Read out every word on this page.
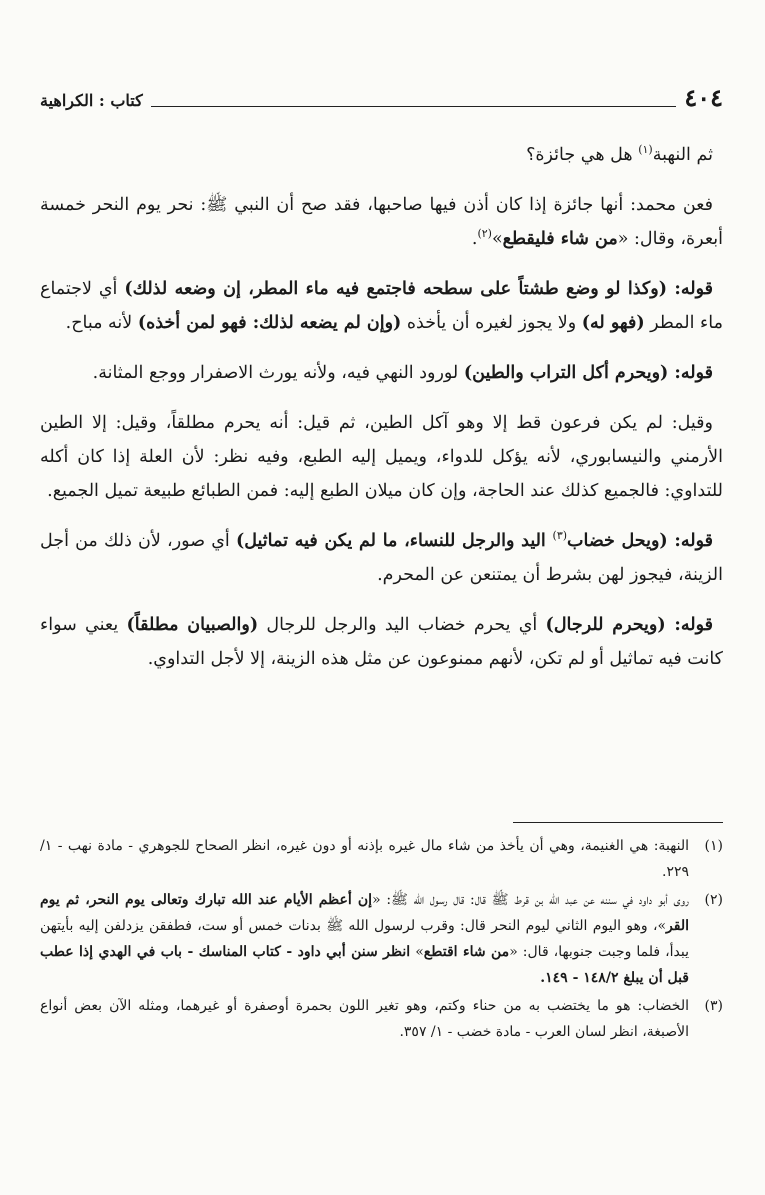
٤٠٤
كتاب : الكراهية

ثم النهبة$^{(١)}$ هل هي جائزة؟

فعن محمد: أنها جائزة إذا كان أذن فيها صاحبها، فقد صح أن النبي ﷺ: نحر يوم النحر خمسة أبعرة، وقال: «من شاء فليقطع»$^{(٢)}$.

قوله: (وكذا لو وضع طشتاً على سطحه فاجتمع فيه ماء المطر، إن وضعه لذلك) أي لاجتماع ماء المطر (فهو له) ولا يجوز لغيره أن يأخذه (وإن لم يضعه لذلك: فهو لمن أخذه) لأنه مباح.

قوله: (ويحرم أكل التراب والطين) لورود النهي فيه، ولأنه يورث الاصفرار ووجع المثانة.

وقيل: لم يكن فرعون قط إلا وهو آكل الطين، ثم قيل: أنه يحرم مطلقاً، وقيل: إلا الطين الأرمني والنيسابوري، لأنه يؤكل للدواء، ويميل إليه الطبع، وفيه نظر: لأن العلة إذا كان أكله للتداوي: فالجميع كذلك عند الحاجة، وإن كان ميلان الطبع إليه: فمن الطبائع طبيعة تميل الجميع.

قوله: (ويحل خضاب$^{(٣)}$ اليد والرجل للنساء، ما لم يكن فيه تماثيل) أي صور، لأن ذلك من أجل الزينة، فيجوز لهن بشرط أن يمتنعن عن المحرم.

قوله: (ويحرم للرجال) أي يحرم خضاب اليد والرجل للرجال (والصبيان مطلقاً) يعني سواء كانت فيه تماثيل أو لم تكن، لأنهم ممنوعون عن مثل هذه الزينة، إلا لأجل التداوي.

(١)
النهبة: هي الغنيمة، وهي أن يأخذ من شاء مال غيره بإذنه أو دون غيره، انظر الصحاح للجوهري - مادة نهب - ١/ ٢٢٩.
(٢)
روى أبو داود في سننه عن عبد الله بن قرط ﷺ قال: قال رسول الله ﷺ: «إن أعظم الأيام عند الله تبارك وتعالى يوم النحر، ثم يوم القر»، وهو اليوم الثاني ليوم النحر قال: وقرب لرسول الله ﷺ بدنات خمس أو ست، فطفقن يزدلفن إليه بأيتهن يبدأ، فلما وجبت جنوبها، قال: «من شاء اقتطع» انظر سنن أبي داود - كتاب المناسك - باب في الهدي إذا عطب قبل أن يبلغ ١٤٨/٢ - ١٤٩.
(٣)
الخضاب: هو ما يختضب به من حناء وكتم، وهو تغير اللون بحمرة أوصفرة أو غيرهما، ومثله الآن بعض أنواع الأصبغة، انظر لسان العرب - مادة خضب - ١/ ٣٥٧.
